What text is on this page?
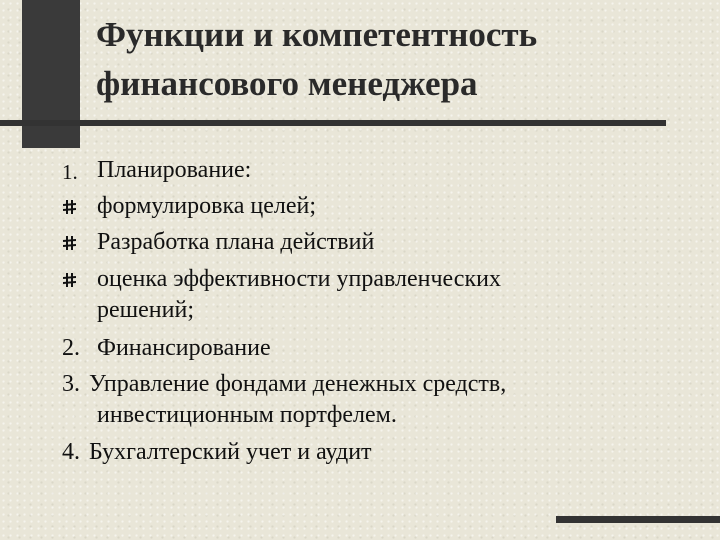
Функции и компетентность
финансового менеджера
1. Планирование:
формулировка целей;
Разработка плана действий
оценка эффективности управленческих
решений;
2. Финансирование
3. Управление фондами денежных средств,
инвестиционным портфелем.
4. Бухгалтерский учет и аудит
